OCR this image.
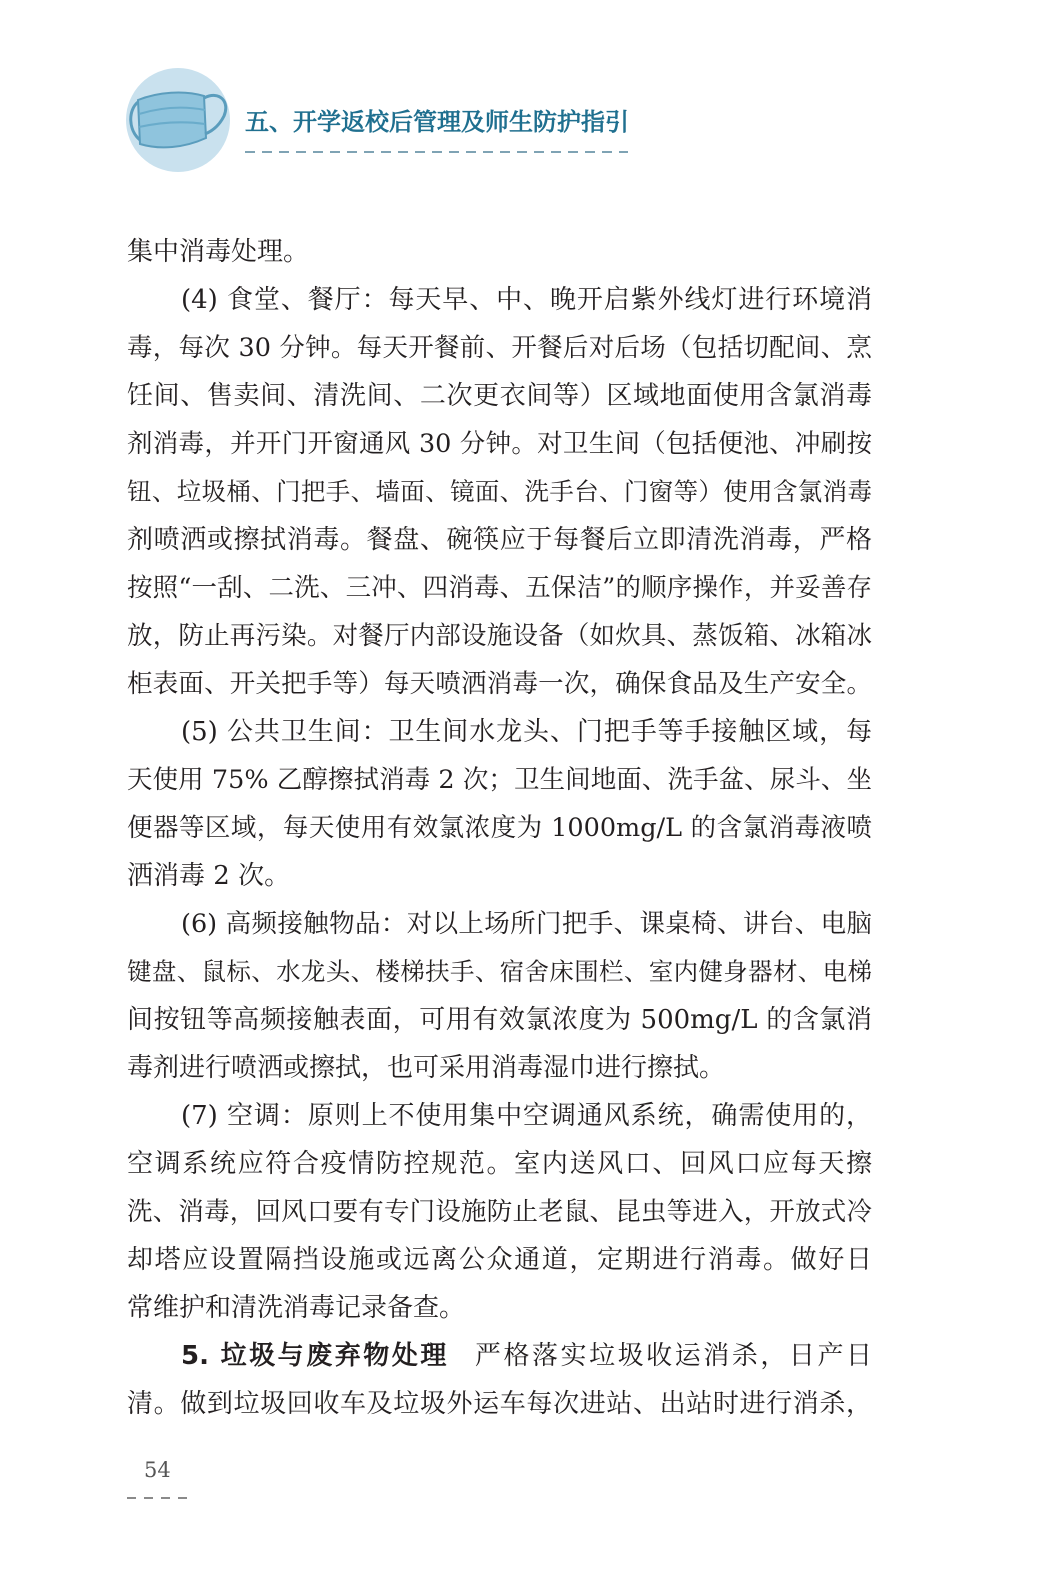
五、开学返校后管理及师生防护指引
集中消毒处理。
(4) 食堂、餐厅：每天早、中、晚开启紫外线灯进行环境消
毒，每次 30 分钟。每天开餐前、开餐后对后场（包括切配间、烹
饪间、售卖间、清洗间、二次更衣间等）区域地面使用含氯消毒
剂消毒，并开门开窗通风 30 分钟。对卫生间（包括便池、冲刷按
钮、垃圾桶、门把手、墙面、镜面、洗手台、门窗等）使用含氯消毒
剂喷洒或擦拭消毒。餐盘、碗筷应于每餐后立即清洗消毒，严格
按照“一刮、二洗、三冲、四消毒、五保洁”的顺序操作，并妥善存
放，防止再污染。对餐厅内部设施设备（如炊具、蒸饭箱、冰箱冰
柜表面、开关把手等）每天喷洒消毒一次，确保食品及生产安全。
(5) 公共卫生间：卫生间水龙头、门把手等手接触区域，每
天使用 75% 乙醇擦拭消毒 2 次；卫生间地面、洗手盆、尿斗、坐
便器等区域，每天使用有效氯浓度为 1000mg/L 的含氯消毒液喷
洒消毒 2 次。
(6) 高频接触物品：对以上场所门把手、课桌椅、讲台、电脑
键盘、鼠标、水龙头、楼梯扶手、宿舍床围栏、室内健身器材、电梯
间按钮等高频接触表面，可用有效氯浓度为 500mg/L 的含氯消
毒剂进行喷洒或擦拭，也可采用消毒湿巾进行擦拭。
(7) 空调：原则上不使用集中空调通风系统，确需使用的，
空调系统应符合疫情防控规范。室内送风口、回风口应每天擦
洗、消毒，回风口要有专门设施防止老鼠、昆虫等进入，开放式冷
却塔应设置隔挡设施或远离公众通道，定期进行消毒。做好日
常维护和清洗消毒记录备查。
5. 垃圾与废弃物处理 严格落实垃圾收运消杀，日产日
清。做到垃圾回收车及垃圾外运车每次进站、出站时进行消杀，
54
